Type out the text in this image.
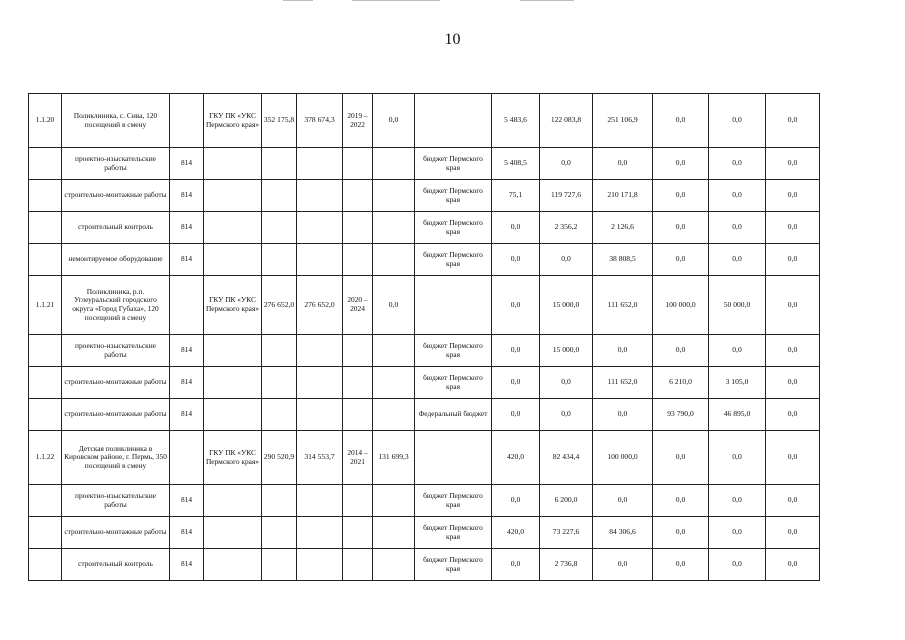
10
1.1.20	Поликлиника, с. Сива, 120 посещений в смену		ГКУ ПК «УКС Пермского края»	352 175,8	378 674,3	2019 – 2022	0,0		5 483,6	122 083,8	251 106,9	0,0	0,0	0,0
	проектно-изыскательские работы	814						бюджет Пермского края	5 408,5	0,0	0,0	0,0	0,0	0,0
	строительно-монтажные работы	814						бюджет Пермского края	75,1	119 727,6	210 171,8	0,0	0,0	0,0
	строительный контроль	814						бюджет Пермского края	0,0	2 356,2	2 126,6	0,0	0,0	0,0
	немонтируемое оборудование	814						бюджет Пермского края	0,0	0,0	38 808,5	0,0	0,0	0,0
1.1.21	Поликлиника, р.п. Углеуральский городского округа «Город Губаха», 120 посещений в смену		ГКУ ПК «УКС Пермского края»	276 652,0	276 652,0	2020 – 2024	0,0		0,0	15 000,0	111 652,0	100 000,0	50 000,0	0,0
	проектно-изыскательские работы	814						бюджет Пермского края	0,0	15 000,0	0,0	0,0	0,0	0,0
	строительно-монтажные работы	814						бюджет Пермского края	0,0	0,0	111 652,0	6 210,0	3 105,0	0,0
	строительно-монтажные работы	814						Федеральный бюджет	0,0	0,0	0,0	93 790,0	46 895,0	0,0
1.1.22	Детская поликлиника в Кировском районе, г. Пермь, 350 посещений в смену		ГКУ ПК «УКС Пермского края»	290 520,9	314 553,7	2014 – 2021	131 699,3		420,0	82 434,4	100 000,0	0,0	0,0	0,0
	проектно-изыскательские работы	814						бюджет Пермского края	0,0	6 200,0	0,0	0,0	0,0	0,0
	строительно-монтажные работы	814						бюджет Пермского края	420,0	73 227,6	84 306,6	0,0	0,0	0,0
	строительный контроль	814						бюджет Пермского края	0,0	2 736,8	0,0	0,0	0,0	0,0
